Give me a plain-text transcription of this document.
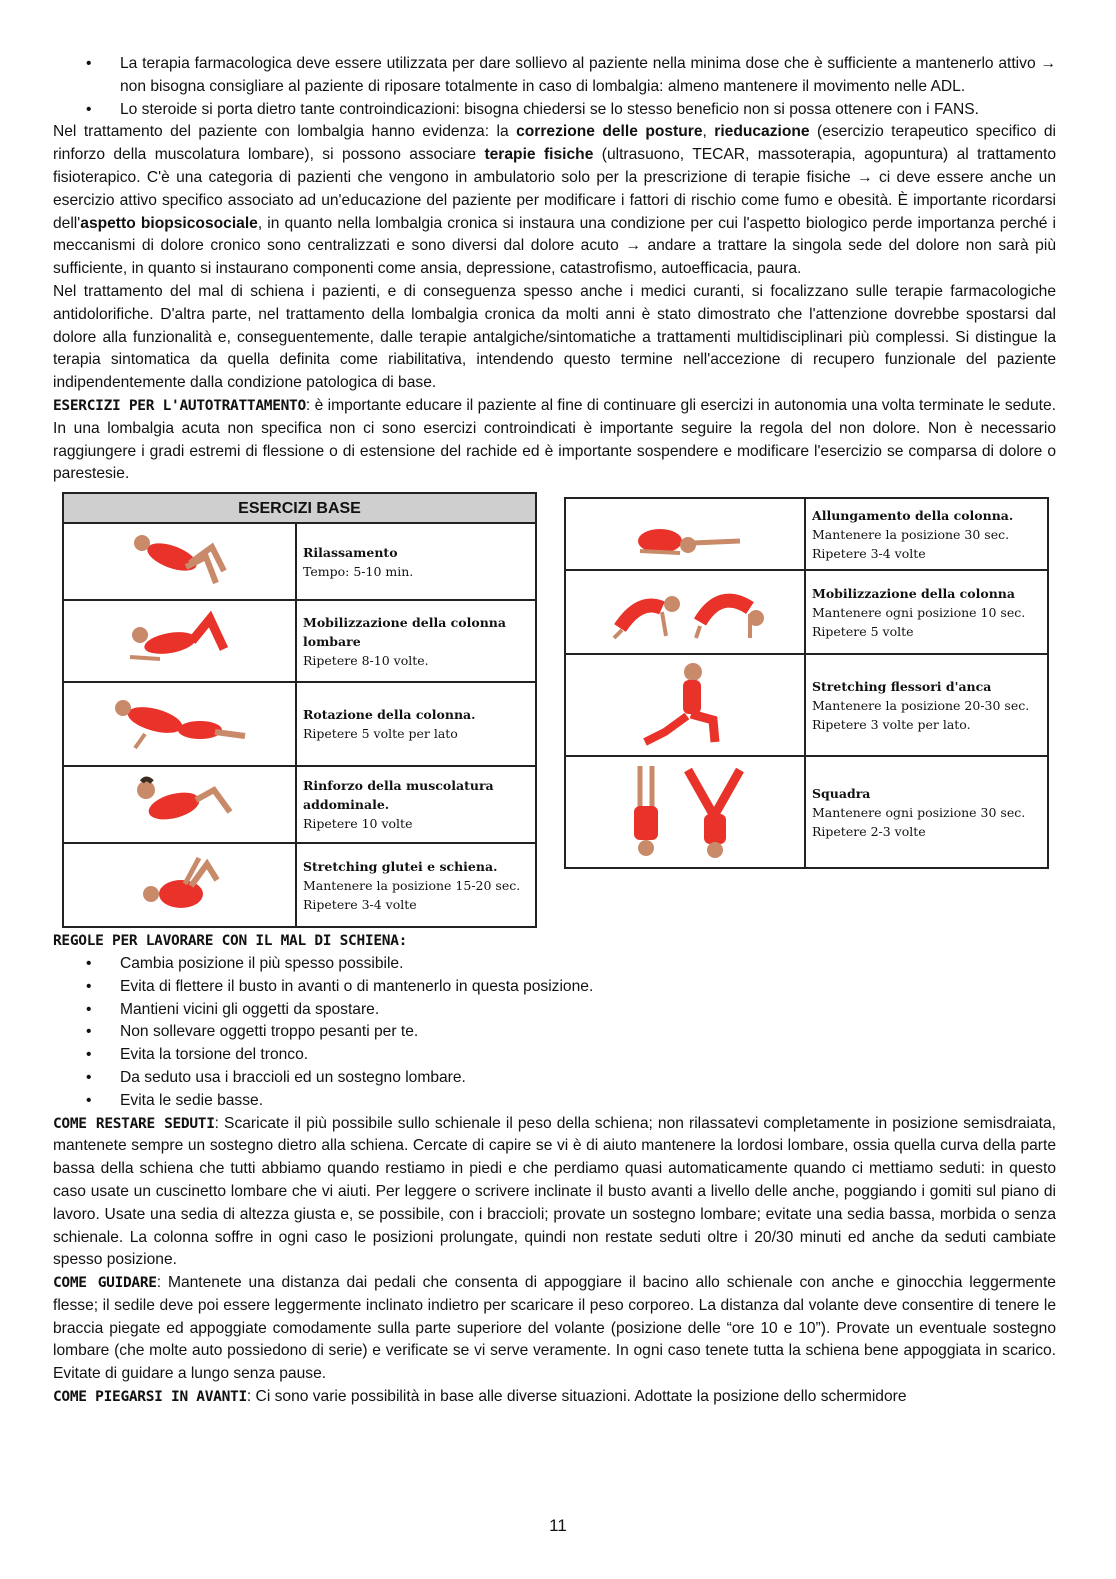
• La terapia farmacologica deve essere utilizzata per dare sollievo al paziente nella minima dose che è sufficiente a mantenerlo attivo → non bisogna consigliare al paziente di riposare totalmente in caso di lombalgia: almeno mantenere il movimento nelle ADL.
• Lo steroide si porta dietro tante controindicazioni: bisogna chiedersi se lo stesso beneficio non si possa ottenere con i FANS.

Nel trattamento del paziente con lombalgia hanno evidenza: la correzione delle posture, rieducazione (esercizio terapeutico specifico di rinforzo della muscolatura lombare), si possono associare terapie fisiche (ultrasuono, TECAR, massoterapia, agopuntura) al trattamento fisioterapico. C'è una categoria di pazienti che vengono in ambulatorio solo per la prescrizione di terapie fisiche → ci deve essere anche un esercizio attivo specifico associato ad un'educazione del paziente per modificare i fattori di rischio come fumo e obesità. È importante ricordarsi dell'aspetto biopsicosociale, in quanto nella lombalgia cronica si instaura una condizione per cui l'aspetto biologico perde importanza perché i meccanismi di dolore cronico sono centralizzati e sono diversi dal dolore acuto → andare a trattare la singola sede del dolore non sarà più sufficiente, in quanto si instaurano componenti come ansia, depressione, catastrofismo, autoefficacia, paura.

Nel trattamento del mal di schiena i pazienti, e di conseguenza spesso anche i medici curanti, si focalizzano sulle terapie farmacologiche antidolorifiche. D'altra parte, nel trattamento della lombalgia cronica da molti anni è stato dimostrato che l'attenzione dovrebbe spostarsi dal dolore alla funzionalità e, conseguentemente, dalle terapie antalgiche/sintomatiche a trattamenti multidisciplinari più complessi. Si distingue la terapia sintomatica da quella definita come riabilitativa, intendendo questo termine nell'accezione di recupero funzionale del paziente indipendentemente dalla condizione patologica di base.

ESERCIZI PER L'AUTOTRATTAMENTO: è importante educare il paziente al fine di continuare gli esercizi in autonomia una volta terminate le sedute. In una lombalgia acuta non specifica non ci sono esercizi controindicati è importante seguire la regola del non dolore. Non è necessario raggiungere i gradi estremi di flessione o di estensione del rachide ed è importante sospendere e modificare l'esercizio se comparsa di dolore o parestesie.

ESERCIZI BASE	

Rilassamento
Tempo: 5-10 min.

Mobilizzazione della colonna lombare
Ripetere 8-10 volte.

Rotazione della colonna.
Ripetere 5 volte per lato

Rinforzo della muscolatura addominale.
Ripetere 10 volte

Stretching glutei e schiena.
Mantenere la posizione 15-20 sec.
Ripetere 3-4 volte

Allungamento della colonna.
Mantenere la posizione 30 sec.
Ripetere 3-4 volte

Mobilizzazione della colonna
Mantenere ogni posizione 10 sec.
Ripetere 5 volte

Stretching flessori d'anca
Mantenere la posizione 20-30 sec.
Ripetere 3 volte per lato.

Squadra
Mantenere ogni posizione 30 sec.
Ripetere 2-3 volte

REGOLE PER LAVORARE CON IL MAL DI SCHIENA:

• Cambia posizione il più spesso possibile.
• Evita di flettere il busto in avanti o di mantenerlo in questa posizione.
• Mantieni vicini gli oggetti da spostare.
• Non sollevare oggetti troppo pesanti per te.
• Evita la torsione del tronco.
• Da seduto usa i braccioli ed un sostegno lombare.
• Evita le sedie basse.

COME RESTARE SEDUTI: Scaricate il più possibile sullo schienale il peso della schiena; non rilassatevi completamente in posizione semisdraiata, mantenete sempre un sostegno dietro alla schiena. Cercate di capire se vi è di aiuto mantenere la lordosi lombare, ossia quella curva della parte bassa della schiena che tutti abbiamo quando restiamo in piedi e che perdiamo quasi automaticamente quando ci mettiamo seduti: in questo caso usate un cuscinetto lombare che vi aiuti. Per leggere o scrivere inclinate il busto avanti a livello delle anche, poggiando i gomiti sul piano di lavoro. Usate una sedia di altezza giusta e, se possibile, con i braccioli; provate un sostegno lombare; evitate una sedia bassa, morbida o senza schienale. La colonna soffre in ogni caso le posizioni prolungate, quindi non restate seduti oltre i 20/30 minuti ed anche da seduti cambiate spesso posizione.

COME GUIDARE: Mantenete una distanza dai pedali che consenta di appoggiare il bacino allo schienale con anche e ginocchia leggermente flesse; il sedile deve poi essere leggermente inclinato indietro per scaricare il peso corporeo. La distanza dal volante deve consentire di tenere le braccia piegate ed appoggiate comodamente sulla parte superiore del volante (posizione delle “ore 10 e 10”). Provate un eventuale sostegno lombare (che molte auto possiedono di serie) e verificate se vi serve veramente. In ogni caso tenete tutta la schiena bene appoggiata in scarico. Evitate di guidare a lungo senza pause.

COME PIEGARSI IN AVANTI: Ci sono varie possibilità in base alle diverse situazioni. Adottate la posizione dello schermidore

11
